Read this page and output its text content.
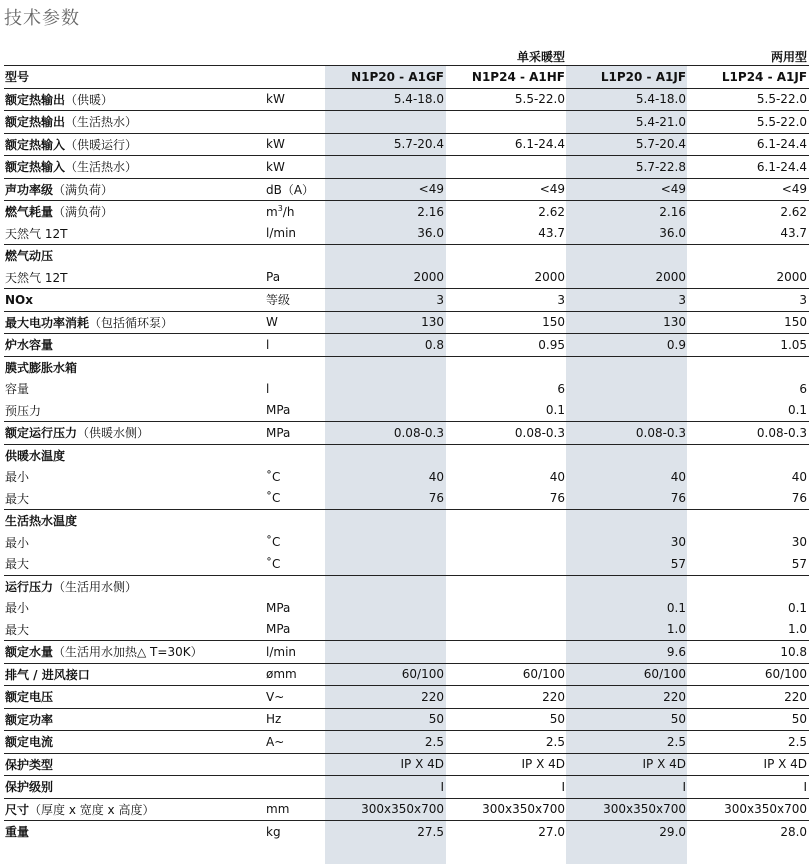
技术参数
		单采暖型		两用型	
型号		N1P20 - A1GF	N1P24 - A1HF	L1P20 - A1JF	L1P24 - A1JF
额定热输出（供暖）	kW	5.4-18.0	5.5-22.0	5.4-18.0	5.5-22.0
额定热输出（生活热水）				5.4-21.0	5.5-22.0
额定热输入（供暖运行）	kW	5.7-20.4	6.1-24.4	5.7-20.4	6.1-24.4
额定热输入（生活热水）	kW			5.7-22.8	6.1-24.4
声功率级（满负荷）	dB（A）	<49	<49	<49	<49
燃气耗量（满负荷）	$m^3/h$	2.16	2.62	2.16	2.62
天然气 12T	l/min	36.0	43.7	36.0	43.7
燃气动压					
天然气 12T	Pa	2000	2000	2000	2000
NOx	等级	3	3	3	3
最大电功率消耗（包括循环泵）	W	130	150	130	150
炉水容量	l	0.8	0.95	0.9	1.05
膜式膨胀水箱					
容量	l		6		6
预压力	MPa		0.1		0.1
额定运行压力（供暖水侧）	MPa	0.08-0.3	0.08-0.3	0.08-0.3	0.08-0.3
供暖水温度					
最小	˚C	40	40	40	40
最大	˚C	76	76	76	76
生活热水温度					
最小	˚C			30	30
最大	˚C			57	57
运行压力（生活用水侧）					
最小	MPa			0.1	0.1
最大	MPa			1.0	1.0
额定水量（生活用水加热△ T=30K）	l/min			9.6	10.8
排气 / 进风接口	ømm	60/100	60/100	60/100	60/100
额定电压	V~	220	220	220	220
额定功率	Hz	50	50	50	50
额定电流	A~	2.5	2.5	2.5	2.5
保护类型		IP X 4D	IP X 4D	IP X 4D	IP X 4D
保护级别		I	I	I	I
尺寸（厚度 x 宽度 x 高度）	mm	300x350x700	300x350x700	300x350x700	300x350x700
重量	kg	27.5	27.0	29.0	28.0
